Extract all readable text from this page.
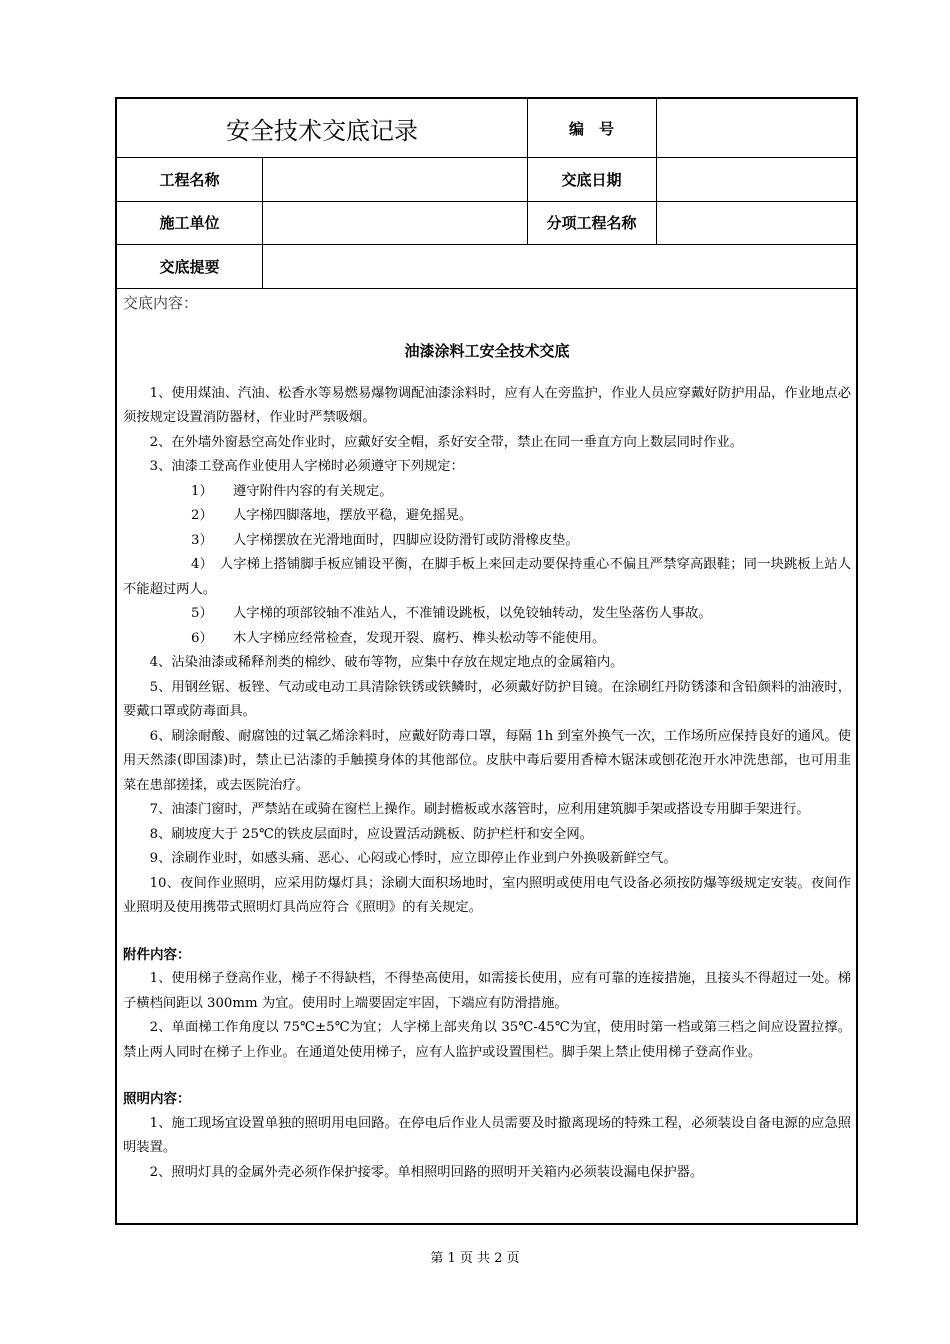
安全技术交底记录	编　号
工程名称	交底日期
施工单位	分项工程名称
交底提要

交底内容：

油漆涂料工安全技术交底

1、使用煤油、汽油、松香水等易燃易爆物调配油漆涂料时，应有人在旁监护，作业人员应穿戴好防护用品，作业地点必须按规定设置消防器材，作业时严禁吸烟。

2、在外墙外窗悬空高处作业时，应戴好安全帽，系好安全带，禁止在同一垂直方向上数层同时作业。

3、油漆工登高作业使用人字梯时必须遵守下列规定：

1） 遵守附件内容的有关规定。

2） 人字梯四脚落地，摆放平稳，避免摇晃。

3） 人字梯摆放在光滑地面时，四脚应设防滑钉或防滑橡皮垫。

4）　人字梯上搭铺脚手板应铺设平衡，在脚手板上来回走动要保持重心不偏且严禁穿高跟鞋；同一块跳板上站人不能超过两人。

5） 人字梯的项部铰轴不准站人，不准铺设跳板，以免铰轴转动，发生坠落伤人事故。

6） 木人字梯应经常检查，发现开裂、腐朽、榫头松动等不能使用。

4、沾染油漆或稀释剂类的棉纱、破布等物，应集中存放在规定地点的金属箱内。

5、用钢丝锯、板锉、气动或电动工具清除铁锈或铁鳞时，必须戴好防护目镜。在涂刷红丹防锈漆和含铅颜料的油液时，要戴口罩或防毒面具。

6、刷涂耐酸、耐腐蚀的过氧乙烯涂料时，应戴好防毒口罩，每隔 1h 到室外换气一次，工作场所应保持良好的通风。使用天然漆(即国漆)时，禁止已沾漆的手触摸身体的其他部位。皮肤中毒后要用香樟木锯沫或刨花泡开水冲洗患部，也可用韭菜在患部搓揉，或去医院治疗。

7、油漆门窗时，严禁站在或骑在窗栏上操作。刷封檐板或水落管时，应利用建筑脚手架或搭设专用脚手架进行。

8、刷坡度大于 25℃的铁皮层面时，应设置活动跳板、防护栏杆和安全网。

9、涂刷作业时，如感头痛、恶心、心闷或心悸时，应立即停止作业到户外换吸新鲜空气。

10、夜间作业照明，应采用防爆灯具；涂刷大面积场地时，室内照明或使用电气设备必须按防爆等级规定安装。夜间作业照明及使用携带式照明灯具尚应符合《照明》的有关规定。

附件内容：

1、使用梯子登高作业，梯子不得缺档，不得垫高使用，如需接长使用，应有可靠的连接措施，且接头不得超过一处。梯子横档间距以 300mm 为宜。使用时上端要固定牢固，下端应有防滑措施。

2、单面梯工作角度以 75℃±5℃为宜；人字梯上部夹角以 35℃-45℃为宜，使用时第一档或第三档之间应设置拉撑。禁止两人同时在梯子上作业。在通道处使用梯子，应有人监护或设置围栏。脚手架上禁止使用梯子登高作业。

照明内容：

1、施工现场宜设置单独的照明用电回路。在停电后作业人员需要及时撤离现场的特殊工程，必须装设自备电源的应急照明装置。

2、照明灯具的金属外壳必须作保护接零。单相照明回路的照明开关箱内必须装设漏电保护器。

第 1 页 共 2 页
